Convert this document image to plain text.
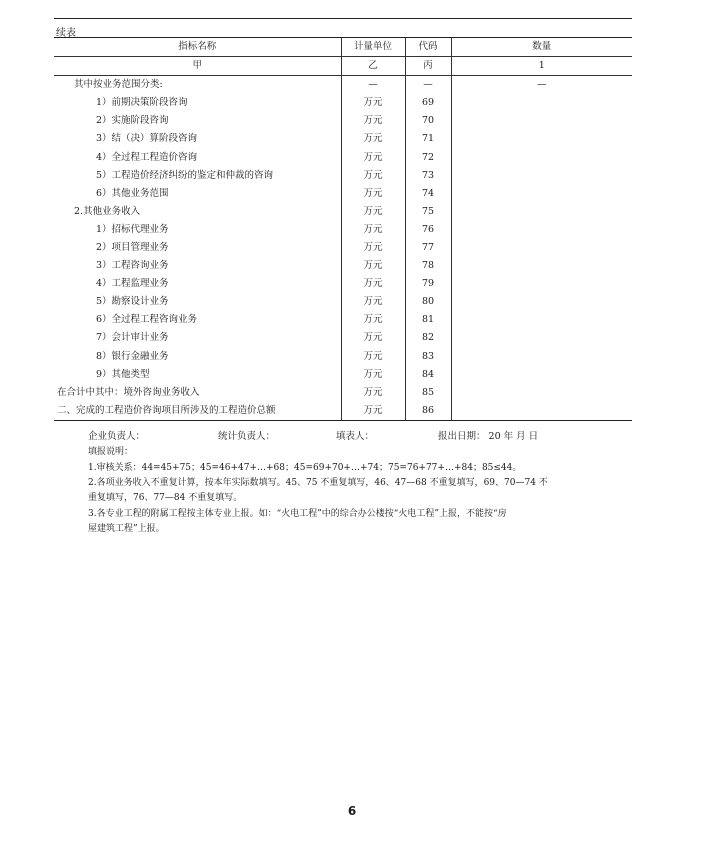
续表
指标名称	计量单位	代码	数量
甲	乙	丙	1
其中按业务范围分类:	—	—	—
1）前期决策阶段咨询	万元	69	
2）实施阶段咨询	万元	70	
3）结（决）算阶段咨询	万元	71	
4）全过程工程造价咨询	万元	72	
5）工程造价经济纠纷的鉴定和仲裁的咨询	万元	73	
6）其他业务范围	万元	74	
2.其他业务收入	万元	75	
1）招标代理业务	万元	76	
2）项目管理业务	万元	77	
3）工程咨询业务	万元	78	
4）工程监理业务	万元	79	
5）勘察设计业务	万元	80	
6）全过程工程咨询业务	万元	81	
7）会计审计业务	万元	82	
8）银行金融业务	万元	83	
9）其他类型	万元	84	
在合计中其中：境外咨询业务收入	万元	85	
二、完成的工程造价咨询项目所涉及的工程造价总额	万元	86	
企业负责人：	统计负责人：	填表人：	报出日期： 20 年 月 日
填报说明：
1.审核关系：44=45+75；45=46+47+…+68；45=69+70+…+74；75=76+77+…+84；85≤44。
2.各项业务收入不重复计算，按本年实际数填写。45、75 不重复填写，46、47—68 不重复填写，69、70—74 不
重复填写，76、77—84 不重复填写。
3.各专业工程的附属工程按主体专业上报。如：“火电工程”中的综合办公楼按“火电工程”上报，不能按“房
屋建筑工程”上报。
6
